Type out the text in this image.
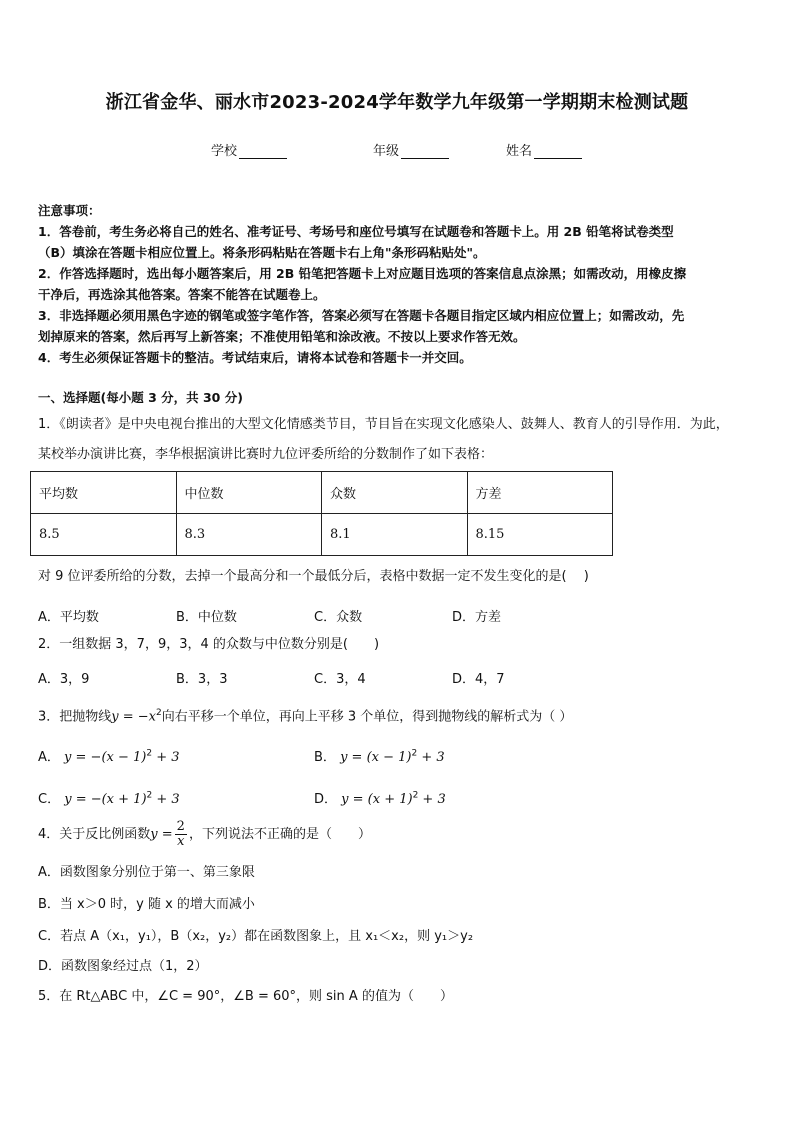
浙江省金华、丽水市2023-2024学年数学九年级第一学期期末检测试题
学校	年级	姓名
注意事项：
1．答卷前，考生务必将自己的姓名、准考证号、考场号和座位号填写在试题卷和答题卡上。用 2B 铅笔将试卷类型
（B）填涂在答题卡相应位置上。将条形码粘贴在答题卡右上角"条形码粘贴处"。
2．作答选择题时，选出每小题答案后，用 2B 铅笔把答题卡上对应题目选项的答案信息点涂黑；如需改动，用橡皮擦
干净后，再选涂其他答案。答案不能答在试题卷上。
3．非选择题必须用黑色字迹的钢笔或签字笔作答，答案必须写在答题卡各题目指定区域内相应位置上；如需改动，先
划掉原来的答案，然后再写上新答案；不准使用铅笔和涂改液。不按以上要求作答无效。
4．考生必须保证答题卡的整洁。考试结束后，请将本试卷和答题卡一并交回。
一、选择题(每小题 3 分，共 30 分)
1．《朗读者》是中央电视台推出的大型文化情感类节目，节目旨在实现文化感染人、鼓舞人、教育人的引导作用．为此，
某校举办演讲比赛，李华根据演讲比赛时九位评委所给的分数制作了如下表格：
平均数	中位数	众数	方差
8.5	8.3	8.1	8.15
对 9 位评委所给的分数，去掉一个最高分和一个最低分后，表格中数据一定不发生变化的是(　 )
A．平均数	B．中位数	C．众数	D．方差
2．一组数据 3，7，9，3，4 的众数与中位数分别是(　　)
A．3，9	B．3，3	C．3，4	D．4，7
3．把抛物线$y = -x^2$向右平移一个单位，再向上平移 3 个单位，得到抛物线的解析式为（ ）
A． $y = -(x - 1)^2 + 3$	B． $y = (x - 1)^2 + 3$
C． $y = -(x + 1)^2 + 3$	D． $y = (x + 1)^2 + 3$
4．关于反比例函数$y = \frac{2}{x}$ ，下列说法不正确的是（　　）
A．函数图象分别位于第一、第三象限
B．当 x＞0 时，y 随 x 的增大而减小
C．若点 A（x₁，y₁），B（x₂，y₂）都在函数图象上，且 x₁＜x₂，则 y₁＞y₂
D．函数图象经过点（1，2）
5．在 Rt△ABC 中，∠C = 90°，∠B = 60°，则 sin A 的值为（　　）
